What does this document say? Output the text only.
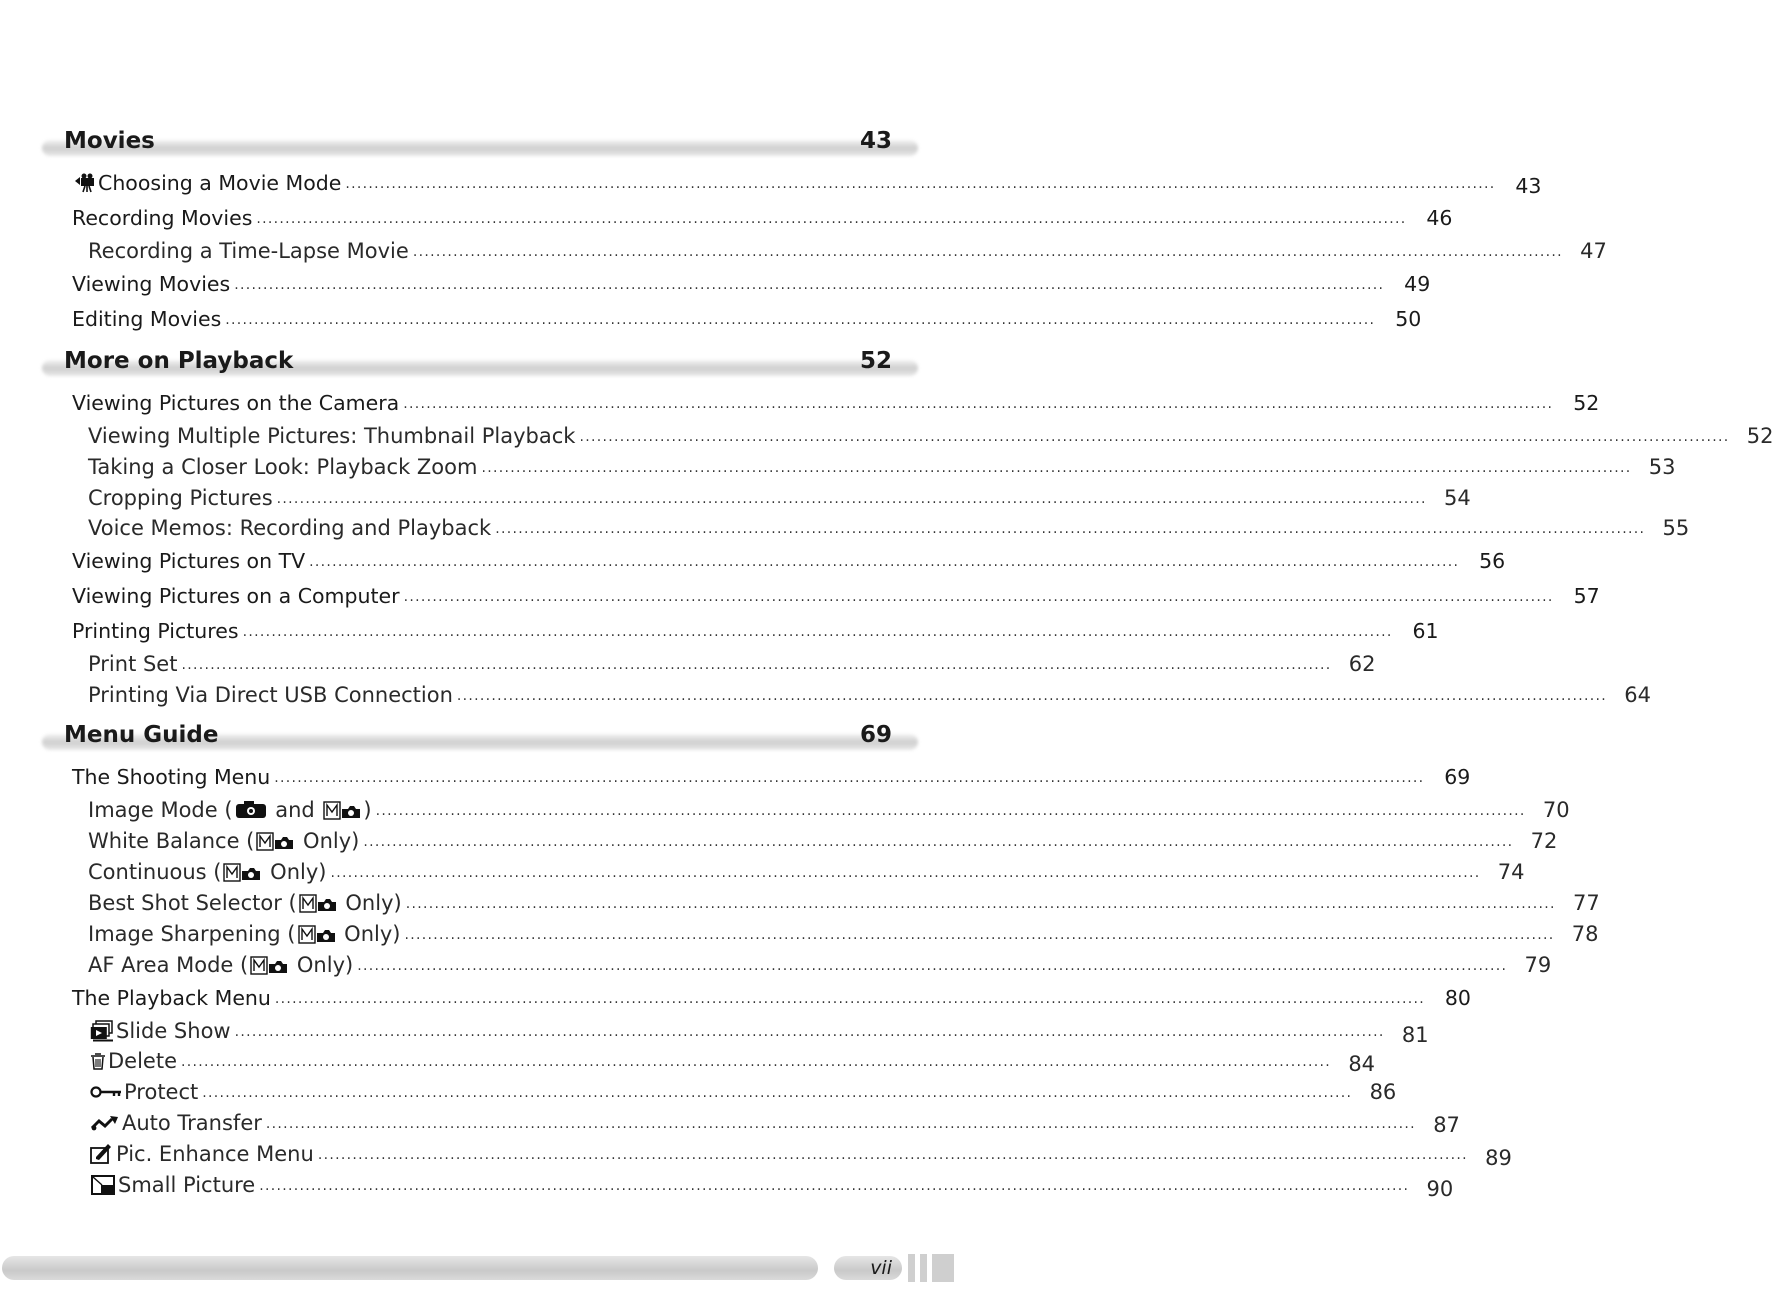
Movies	43
Choosing a Movie Mode ........................................................................................................................................................................................................ 43
Recording Movies ........................................................................................................................................................................................................ 46
Recording a Time-Lapse Movie ........................................................................................................................................................................................................ 47
Viewing Movies ........................................................................................................................................................................................................ 49
Editing Movies ........................................................................................................................................................................................................ 50
More on Playback	52
Viewing Pictures on the Camera ........................................................................................................................................................................................................ 52
Viewing Multiple Pictures: Thumbnail Playback ........................................................................................................................................................................................................ 52
Taking a Closer Look: Playback Zoom ........................................................................................................................................................................................................ 53
Cropping Pictures ........................................................................................................................................................................................................ 54
Voice Memos: Recording and Playback ........................................................................................................................................................................................................ 55
Viewing Pictures on TV ........................................................................................................................................................................................................ 56
Viewing Pictures on a Computer ........................................................................................................................................................................................................ 57
Printing Pictures ........................................................................................................................................................................................................ 61
Print Set ........................................................................................................................................................................................................ 62
Printing Via Direct USB Connection ........................................................................................................................................................................................................ 64
Menu Guide	69
The Shooting Menu ........................................................................................................................................................................................................ 69
Image Mode ( and ) ........................................................................................................................................................................................................ 70
White Balance ( Only) ........................................................................................................................................................................................................ 72
Continuous ( Only) ........................................................................................................................................................................................................ 74
Best Shot Selector ( Only) ........................................................................................................................................................................................................ 77
Image Sharpening ( Only) ........................................................................................................................................................................................................ 78
AF Area Mode ( Only) ........................................................................................................................................................................................................ 79
The Playback Menu ........................................................................................................................................................................................................ 80
Slide Show ........................................................................................................................................................................................................ 81
Delete ........................................................................................................................................................................................................ 84
Protect ........................................................................................................................................................................................................ 86
Auto Transfer ........................................................................................................................................................................................................ 87
Pic. Enhance Menu ........................................................................................................................................................................................................ 89
Small Picture ........................................................................................................................................................................................................ 90
vii
